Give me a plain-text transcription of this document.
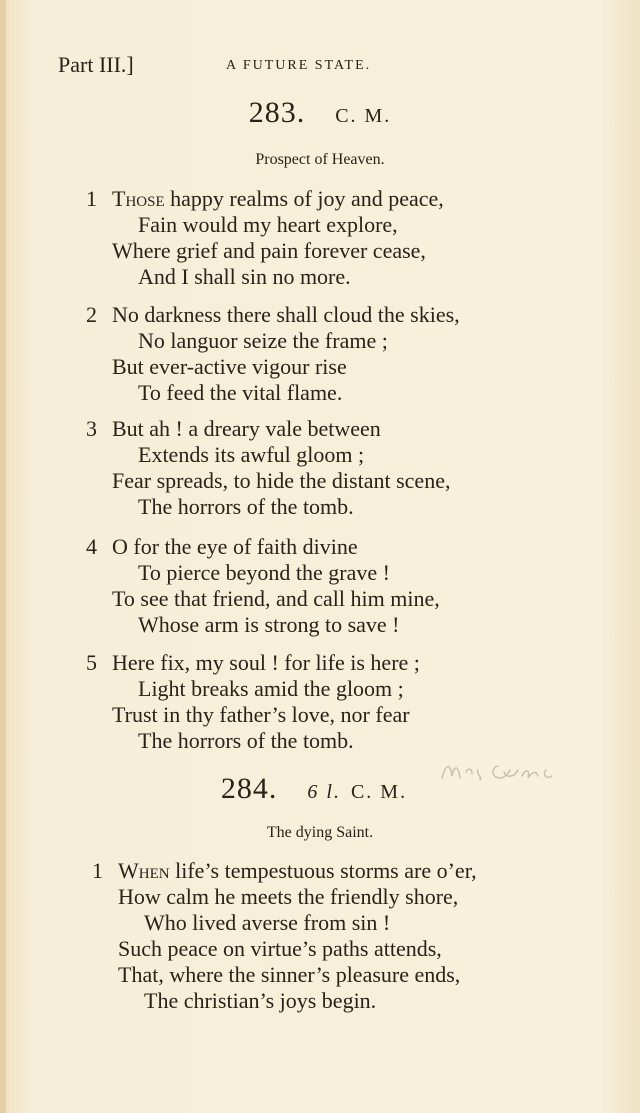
Part III.]	A FUTURE STATE.
283. C. M.
Prospect of Heaven.
1 Those happy realms of joy and peace,
Fain would my heart explore,
Where grief and pain forever cease,
And I shall sin no more.
2 No darkness there shall cloud the skies,
No languor seize the frame ;
But ever-active vigour rise
To feed the vital flame.
3 But ah ! a dreary vale between
Extends its awful gloom ;
Fear spreads, to hide the distant scene,
The horrors of the tomb.
4 O for the eye of faith divine
To pierce beyond the grave !
To see that friend, and call him mine,
Whose arm is strong to save !
5 Here fix, my soul ! for life is here ;
Light breaks amid the gloom ;
Trust in thy father’s love, nor fear
The horrors of the tomb.
284. 6 l. C. M.
The dying Saint.
1 When life’s tempestuous storms are o’er,
How calm he meets the friendly shore,
Who lived averse from sin !
Such peace on virtue’s paths attends,
That, where the sinner’s pleasure ends,
The christian’s joys begin.
